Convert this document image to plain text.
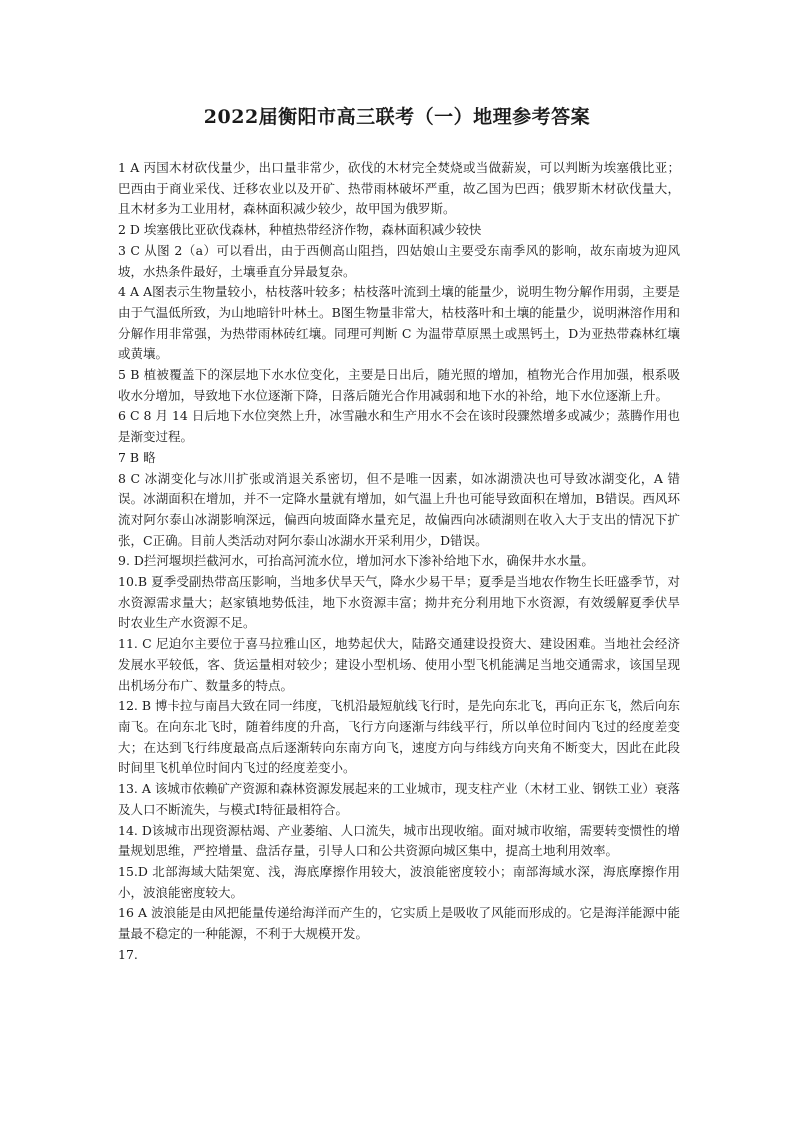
2022届衡阳市高三联考（一）地理参考答案

1 A 丙国木材砍伐量少，出口量非常少，砍伐的木材完全焚烧或当做薪炭，可以判断为埃塞俄比亚；巴西由于商业采伐、迁移农业以及开矿、热带雨林破坏严重，故乙国为巴西；俄罗斯木材砍伐量大，且木材多为工业用材，森林面积减少较少，故甲国为俄罗斯。

2 D 埃塞俄比亚砍伐森林，种植热带经济作物，森林面积减少较快

3 C 从图 2（a）可以看出，由于西侧高山阻挡，四姑娘山主要受东南季风的影响，故东南坡为迎风坡，水热条件最好，土壤垂直分异最复杂。

4 A A图表示生物量较小，枯枝落叶较多；枯枝落叶流到土壤的能量少，说明生物分解作用弱，主要是由于气温低所致，为山地暗针叶林土。B图生物量非常大，枯枝落叶和土壤的能量少，说明淋溶作用和分解作用非常强，为热带雨林砖红壤。同理可判断 C 为温带草原黑土或黑钙土，D为亚热带森林红壤或黄壤。

5 B 植被覆盖下的深层地下水水位变化，主要是日出后，随光照的增加，植物光合作用加强，根系吸收水分增加，导致地下水位逐渐下降，日落后随光合作用减弱和地下水的补给，地下水位逐渐上升。

6 C 8 月 14 日后地下水位突然上升，冰雪融水和生产用水不会在该时段骤然增多或减少；蒸腾作用也是渐变过程。

7 B 略

8 C 冰湖变化与冰川扩张或消退关系密切，但不是唯一因素，如冰湖溃决也可导致冰湖变化，A 错误。冰湖面积在增加，并不一定降水量就有增加，如气温上升也可能导致面积在增加，B错误。西风环流对阿尔泰山冰湖影响深远，偏西向坡面降水量充足，故偏西向冰碛湖则在收入大于支出的情况下扩张，C正确。目前人类活动对阿尔泰山冰湖水开采利用少，D错误。

9. D拦河堰坝拦截河水，可抬高河流水位，增加河水下渗补给地下水，确保井水水量。

10.B 夏季受副热带高压影响，当地多伏旱天气，降水少易干旱；夏季是当地农作物生长旺盛季节，对水资源需求量大；赵家镇地势低洼，地下水资源丰富；拗井充分利用地下水资源，有效缓解夏季伏旱时农业生产水资源不足。

11. C 尼迫尔主要位于喜马拉雅山区，地势起伏大，陆路交通建设投资大、建设困难。当地社会经济发展水平较低，客、货运量相对较少；建设小型机场、使用小型飞机能满足当地交通需求，该国呈现出机场分布广、数量多的特点。

12. B 博卡拉与南昌大致在同一纬度，飞机沿最短航线飞行时，是先向东北飞，再向正东飞，然后向东南飞。在向东北飞时，随着纬度的升高，飞行方向逐渐与纬线平行，所以单位时间内飞过的经度差变大；在达到飞行纬度最高点后逐渐转向东南方向飞，速度方向与纬线方向夹角不断变大，因此在此段时间里飞机单位时间内飞过的经度差变小。

13. A 该城市依赖矿产资源和森林资源发展起来的工业城市，现支柱产业（木材工业、钢铁工业）衰落及人口不断流失，与模式Ⅰ特征最相符合。

14. D该城市出现资源枯竭、产业萎缩、人口流失，城市出现收缩。面对城市收缩，需要转变惯性的增量规划思维，严控增量、盘活存量，引导人口和公共资源向城区集中，提高土地利用效率。

15.D 北部海域大陆架宽、浅，海底摩擦作用较大，波浪能密度较小；南部海域水深，海底摩擦作用小，波浪能密度较大。

16 A 波浪能是由风把能量传递给海洋而产生的，它实质上是吸收了风能而形成的。它是海洋能源中能量最不稳定的一种能源，不利于大规模开发。

17.
